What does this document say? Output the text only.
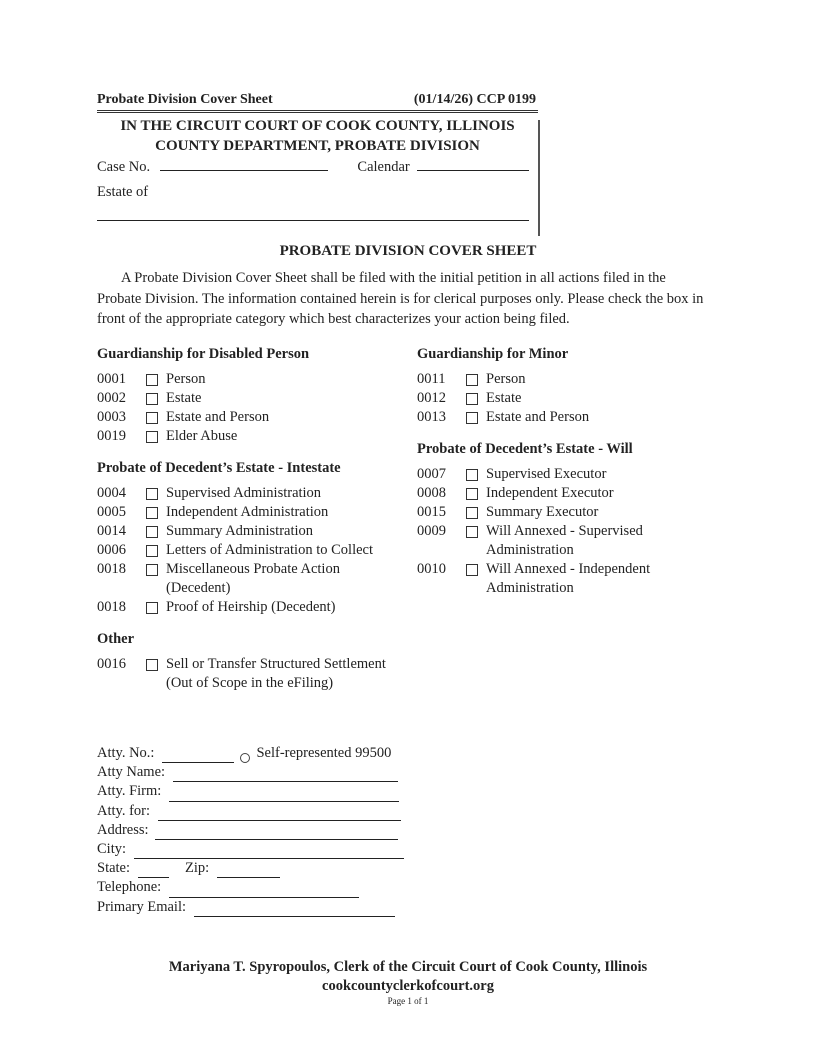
Probate Division Cover Sheet	(01/14/26) CCP 0199
IN THE CIRCUIT COURT OF COOK COUNTY, ILLINOIS
COUNTY DEPARTMENT, PROBATE DIVISION
Case No.	Calendar
Estate of
PROBATE DIVISION COVER SHEET
A Probate Division Cover Sheet shall be filed with the initial petition in all actions filed in the Probate Division. The information contained herein is for clerical purposes only. Please check the box in front of the appropriate category which best characterizes your action being filed.
Guardianship for Disabled Person
0001	Person
0002	Estate
0003	Estate and Person
0019	Elder Abuse
Probate of Decedent’s Estate - Intestate
0004	Supervised Administration
0005	Independent Administration
0014	Summary Administration
0006	Letters of Administration to Collect
0018	Miscellaneous Probate Action
(Decedent)
0018	Proof of Heirship (Decedent)
Other
0016	Sell or Transfer Structured Settlement
(Out of Scope in the eFiling)
Guardianship for Minor
0011	Person
0012	Estate
0013	Estate and Person
Probate of Decedent’s Estate - Will
0007	Supervised Executor
0008	Independent Executor
0015	Summary Executor
0009	Will Annexed - Supervised
Administration
0010	Will Annexed - Independent
Administration
Atty. No.:	Self-represented 99500
Atty Name:
Atty. Firm:
Atty. for:
Address:
City:
State:	Zip:
Telephone:
Primary Email:
Mariyana T. Spyropoulos, Clerk of the Circuit Court of Cook County, Illinois
cookcountyclerkofcourt.org
Page 1 of 1
